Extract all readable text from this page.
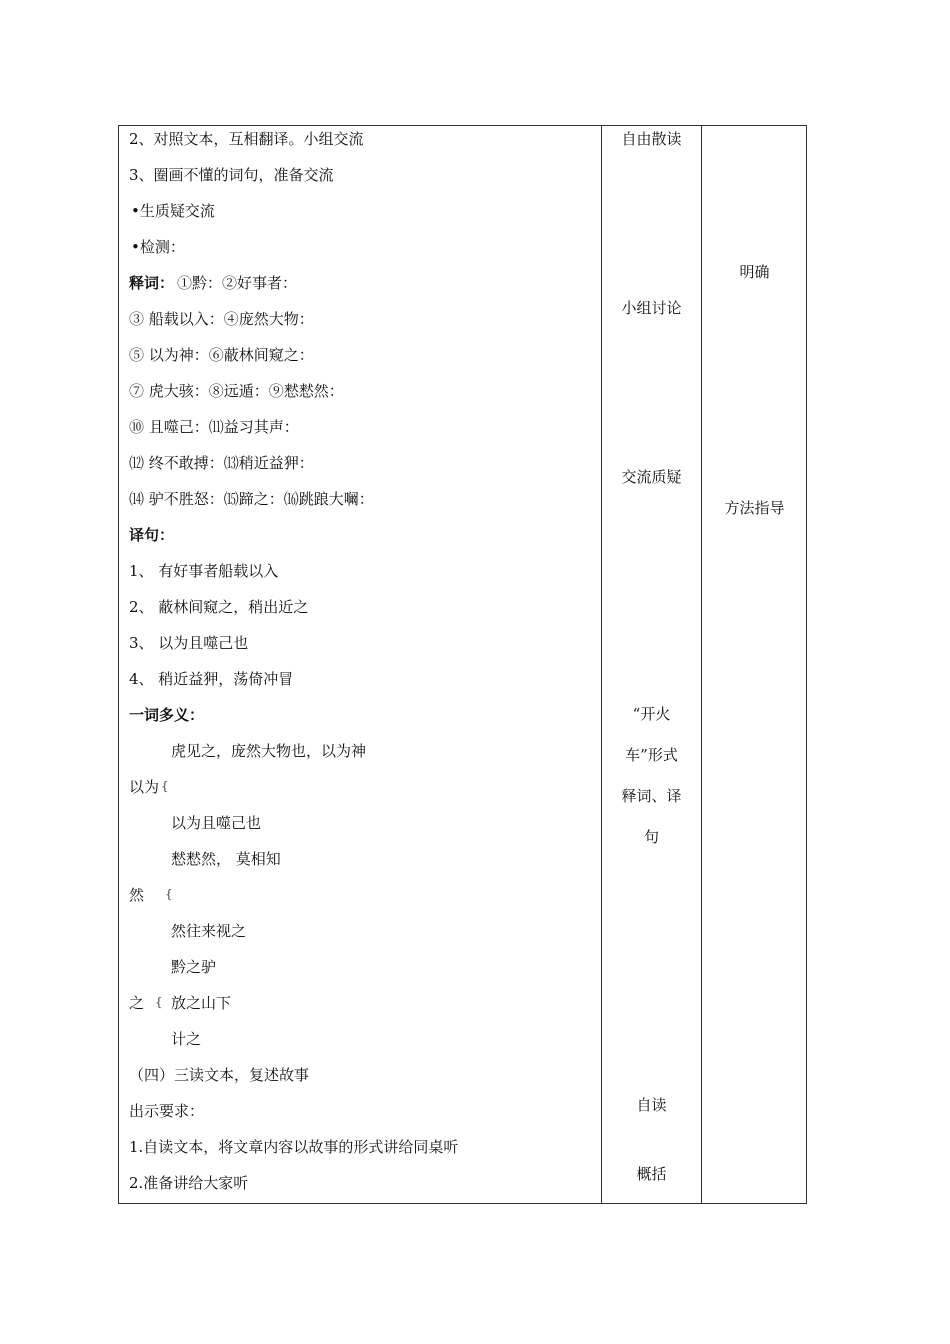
2、对照文本，互相翻译。小组交流
3、圈画不懂的词句，准备交流
•生质疑交流
•检测：
释词： ①黔：②好事者：
③ 船载以入：④庞然大物：
⑤ 以为神：⑥蔽林间窥之：
⑦ 虎大骇：⑧远遁：⑨慭慭然：
⑩ 且噬己：⑾益习其声：
⑿ 终不敢搏：⒀稍近益狎：
⒁ 驴不胜怒：⒂蹄之：⒃跳踉大㘎：
译句：
1、 有好事者船载以入
2、 蔽林间窥之，稍出近之
3、 以为且噬己也
4、 稍近益狎，荡倚冲冒
一词多义：
虎见之，庞然大物也，以为神
以为 {
以为且噬己也
慭慭然， 莫相知
然 {
然往来视之
黔之驴
之 { 放之山下
计之
（四）三读文本，复述故事
出示要求：
1.自读文本，将文章内容以故事的形式讲给同桌听
2.准备讲给大家听
自由散读
小组讨论
交流质疑
“开火
车”形式
释词、译
句
自读
概括
明确
方法指导
